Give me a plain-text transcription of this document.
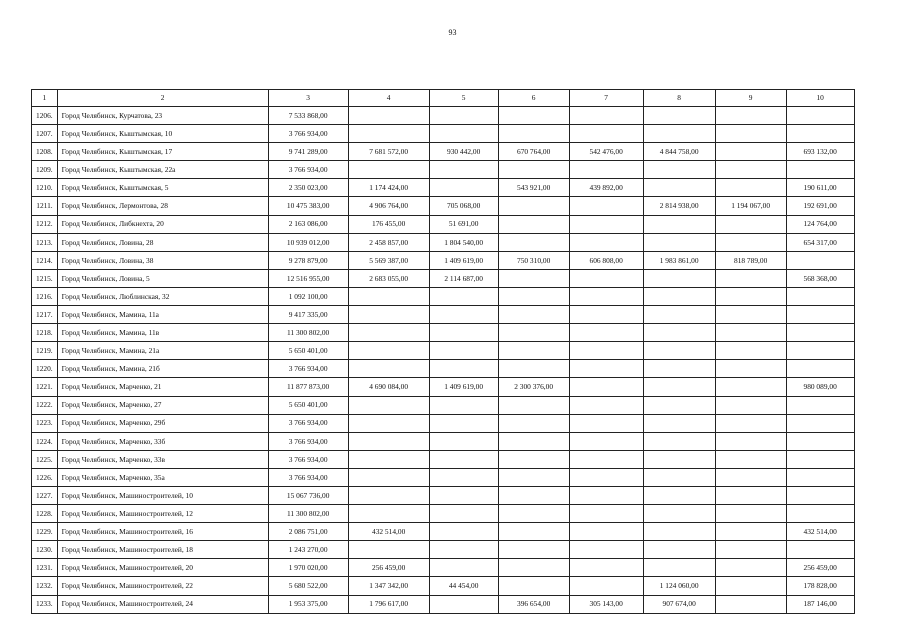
93
1	2	3	4	5	6	7	8	9	10
1206.	Город Челябинск, Курчатова, 23	7 533 868,00							
1207.	Город Челябинск, Кыштымская, 10	3 766 934,00							
1208.	Город Челябинск, Кыштымская, 17	9 741 289,00	7 681 572,00	930 442,00	670 764,00	542 476,00	4 844 758,00		693 132,00
1209.	Город Челябинск, Кыштымская, 22а	3 766 934,00							
1210.	Город Челябинск, Кыштымская, 5	2 350 023,00	1 174 424,00		543 921,00	439 892,00			190 611,00
1211.	Город Челябинск, Лермонтова, 28	10 475 383,00	4 906 764,00	705 068,00			2 814 938,00	1 194 067,00	192 691,00
1212.	Город Челябинск, Либкнехта, 20	2 163 086,00	176 455,00	51 691,00					124 764,00
1213.	Город Челябинск, Ловина, 28	10 939 012,00	2 458 857,00	1 804 540,00					654 317,00
1214.	Город Челябинск, Ловина, 38	9 278 879,00	5 569 387,00	1 409 619,00	750 310,00	606 808,00	1 983 861,00	818 789,00	
1215.	Город Челябинск, Ловина, 5	12 516 955,00	2 683 055,00	2 114 687,00					568 368,00
1216.	Город Челябинск, Люблинская, 32	1 092 100,00							
1217.	Город Челябинск, Мамина, 11а	9 417 335,00							
1218.	Город Челябинск, Мамина, 11в	11 300 802,00							
1219.	Город Челябинск, Мамина, 21а	5 650 401,00							
1220.	Город Челябинск, Мамина, 21б	3 766 934,00							
1221.	Город Челябинск, Марченко, 21	11 877 873,00	4 690 084,00	1 409 619,00	2 300 376,00				980 089,00
1222.	Город Челябинск, Марченко, 27	5 650 401,00							
1223.	Город Челябинск, Марченко, 29б	3 766 934,00							
1224.	Город Челябинск, Марченко, 33б	3 766 934,00							
1225.	Город Челябинск, Марченко, 33в	3 766 934,00							
1226.	Город Челябинск, Марченко, 35а	3 766 934,00							
1227.	Город Челябинск, Машиностроителей, 10	15 067 736,00							
1228.	Город Челябинск, Машиностроителей, 12	11 300 802,00							
1229.	Город Челябинск, Машиностроителей, 16	2 086 751,00	432 514,00						432 514,00
1230.	Город Челябинск, Машиностроителей, 18	1 243 270,00							
1231.	Город Челябинск, Машиностроителей, 20	1 970 020,00	256 459,00						256 459,00
1232.	Город Челябинск, Машиностроителей, 22	5 680 522,00	1 347 342,00	44 454,00			1 124 060,00		178 828,00
1233.	Город Челябинск, Машиностроителей, 24	1 953 375,00	1 796 617,00		396 654,00	305 143,00	907 674,00		187 146,00
